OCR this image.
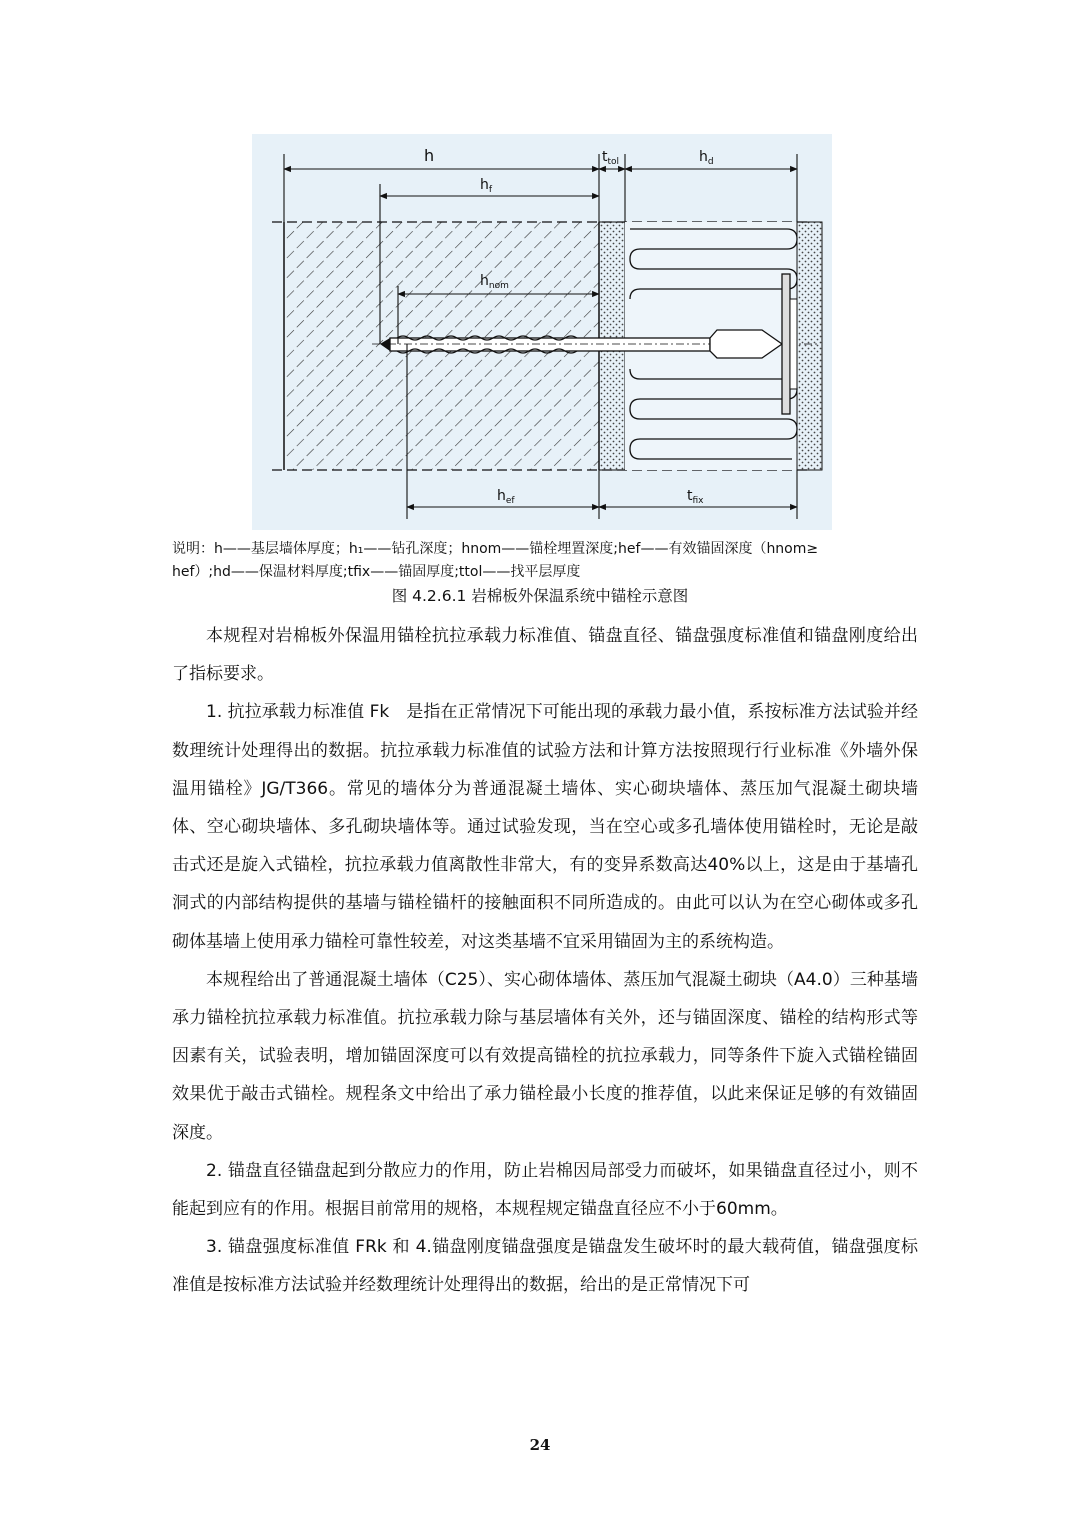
h	$t_{tol}$	$h_d$
$h_f$
$h_{nom}$
$h_{ef}$	$t_{fix}$
说明：h——基层墙体厚度；h₁——钻孔深度；hnom——锚栓埋置深度;hef——有效锚固深度（hnom≥
hef）;hd——保温材料厚度;tfix——锚固厚度;ttol——找平层厚度
图 4.2.6.1 岩棉板外保温系统中锚栓示意图

本规程对岩棉板外保温用锚栓抗拉承载力标准值、锚盘直径、锚盘强度标准值和锚盘刚度给出了指标要求。

1. 抗拉承载力标准值 Fk　是指在正常情况下可能出现的承载力最小值，系按标准方法试验并经数理统计处理得出的数据。抗拉承载力标准值的试验方法和计算方法按照现行行业标准《外墙外保温用锚栓》JG/T366。常见的墙体分为普通混凝土墙体、实心砌块墙体、蒸压加气混凝土砌块墙体、空心砌块墙体、多孔砌块墙体等。通过试验发现，当在空心或多孔墙体使用锚栓时，无论是敲击式还是旋入式锚栓，抗拉承载力值离散性非常大，有的变异系数高达40%以上，这是由于基墙孔洞式的内部结构提供的基墙与锚栓锚杆的接触面积不同所造成的。由此可以认为在空心砌体或多孔砌体基墙上使用承力锚栓可靠性较差，对这类基墙不宜采用锚固为主的系统构造。

本规程给出了普通混凝土墙体（C25）、实心砌体墙体、蒸压加气混凝土砌块（A4.0）三种基墙承力锚栓抗拉承载力标准值。抗拉承载力除与基层墙体有关外，还与锚固深度、锚栓的结构形式等因素有关，试验表明，增加锚固深度可以有效提高锚栓的抗拉承载力，同等条件下旋入式锚栓锚固效果优于敲击式锚栓。规程条文中给出了承力锚栓最小长度的推荐值，以此来保证足够的有效锚固深度。

2. 锚盘直径锚盘起到分散应力的作用，防止岩棉因局部受力而破坏，如果锚盘直径过小，则不能起到应有的作用。根据目前常用的规格，本规程规定锚盘直径应不小于60mm。

3. 锚盘强度标准值 FRk 和 4.锚盘刚度锚盘强度是锚盘发生破坏时的最大载荷值，锚盘强度标准值是按标准方法试验并经数理统计处理得出的数据，给出的是正常情况下可

24
